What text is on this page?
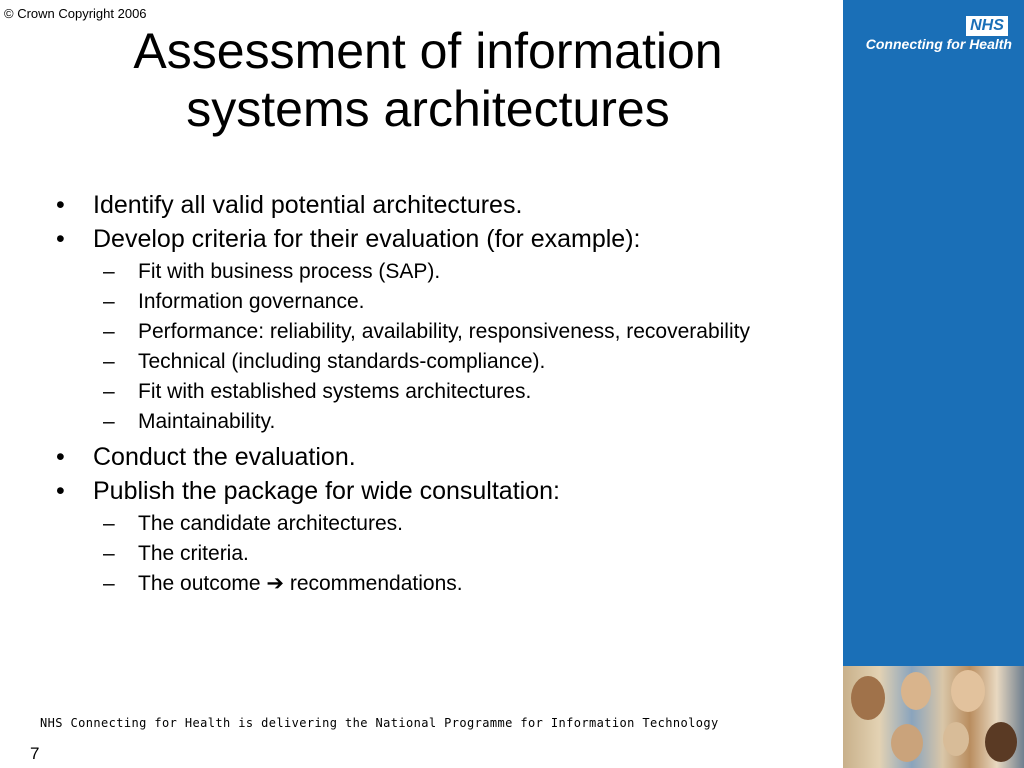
© Crown Copyright 2006
Assessment of information
systems architectures
•	Identify all valid potential architectures.
•	Develop criteria for their evaluation (for example):
–	Fit with business process (SAP).
–	Information governance.
–	Performance: reliability, availability, responsiveness, recoverability
–	Technical (including standards-compliance).
–	Fit with established systems architectures.
–	Maintainability.
•	Conduct the evaluation.
•	Publish the package for wide consultation:
–	The candidate architectures.
–	The criteria.
–	The outcome ➔ recommendations.
NHS
Connecting for Health
NHS Connecting for Health is delivering the National Programme for Information Technology
7
